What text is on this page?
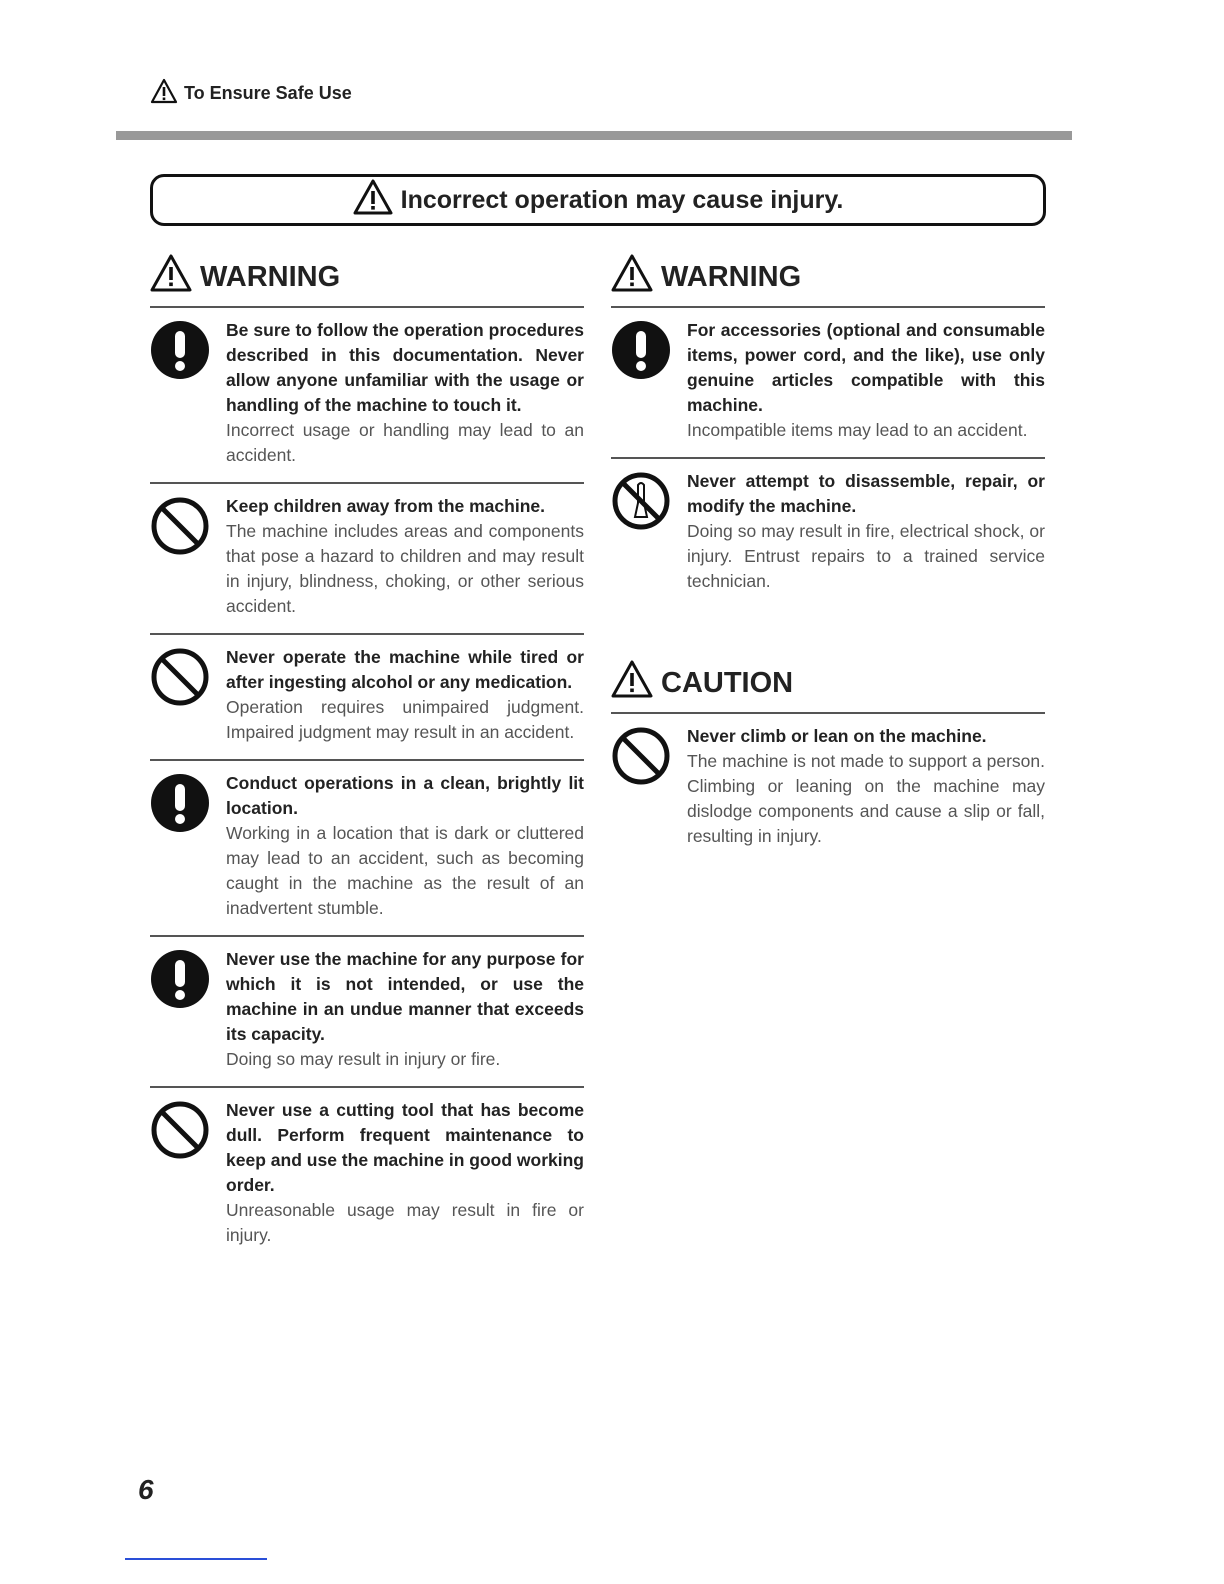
To Ensure Safe Use
Incorrect operation may cause injury.
WARNING
Be sure to follow the operation procedures described in this documentation. Never allow anyone unfamiliar with the usage or handling of the machine to touch it.
Incorrect usage or handling may lead to an accident.
Keep children away from the machine.
The machine includes areas and components that pose a hazard to children and may result in injury, blindness, choking, or other serious accident.
Never operate the machine while tired or after ingesting alcohol or any medication.
Operation requires unimpaired judgment. Impaired judgment may result in an accident.
Conduct operations in a clean, brightly lit location.
Working in a location that is dark or cluttered may lead to an accident, such as becoming caught in the machine as the result of an inadvertent stumble.
Never use the machine for any purpose for which it is not intended, or use the machine in an undue manner that exceeds its capacity.
Doing so may result in injury or fire.
Never use a cutting tool that has become dull. Perform frequent maintenance to keep and use the machine in good working order.
Unreasonable usage may result in fire or injury.
WARNING
For accessories (optional and consumable items, power cord, and the like), use only genuine articles compatible with this machine.
Incompatible items may lead to an accident.
Never attempt to disassemble, repair, or modify the machine.
Doing so may result in fire, electrical shock, or injury. Entrust repairs to a trained service technician.
CAUTION
Never climb or lean on the machine.
The machine is not made to support a person. Climbing or leaning on the machine may dislodge components and cause a slip or fall, resulting in injury.
6
